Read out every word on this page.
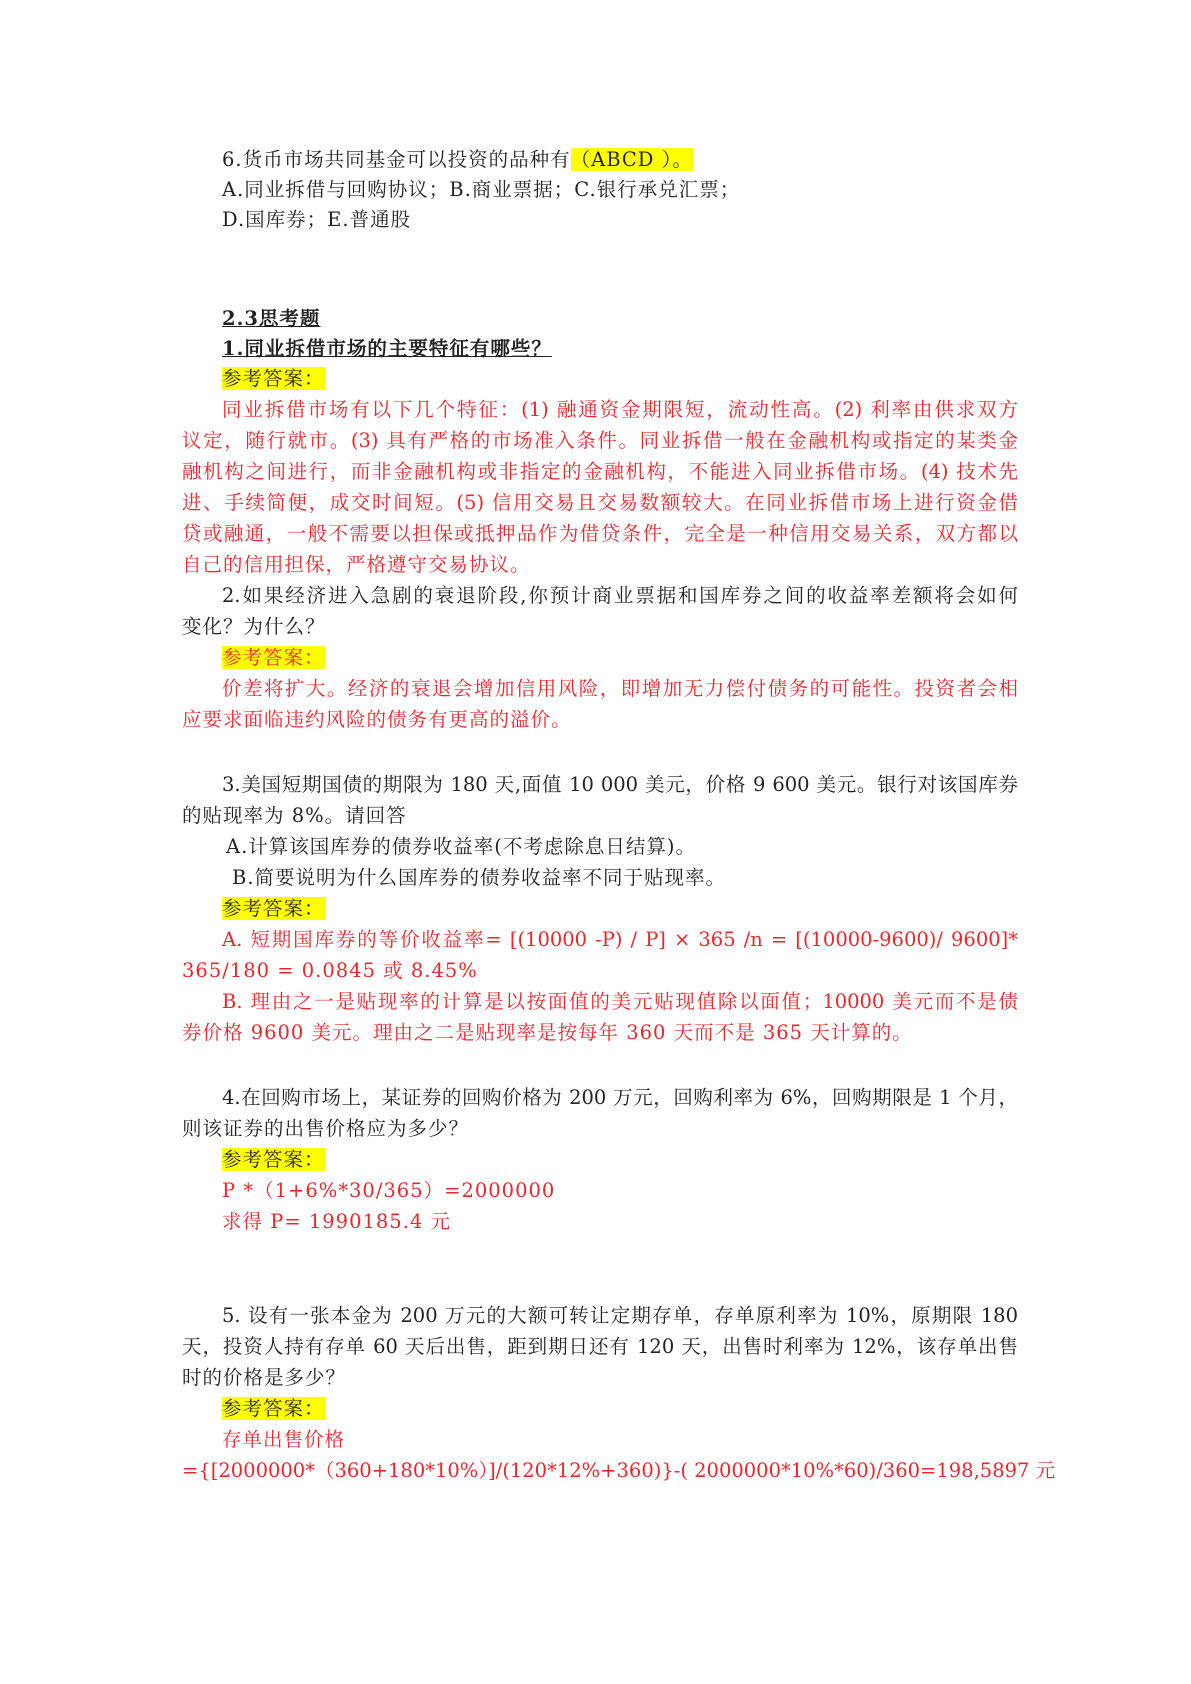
6.货币市场共同基金可以投资的品种有（ABCD ）。
A.同业拆借与回购协议；B.商业票据；C.银行承兑汇票；
D.国库券；E.普通股
2.3思考题
1.同业拆借市场的主要特征有哪些？
参考答案：
同业拆借市场有以下几个特征：(1) 融通资金期限短，流动性高。(2) 利率由供求双方
议定，随行就市。(3) 具有严格的市场准入条件。同业拆借一般在金融机构或指定的某类金
融机构之间进行，而非金融机构或非指定的金融机构，不能进入同业拆借市场。(4) 技术先
进、手续简便，成交时间短。(5) 信用交易且交易数额较大。在同业拆借市场上进行资金借
贷或融通，一般不需要以担保或抵押品作为借贷条件，完全是一种信用交易关系，双方都以
自己的信用担保，严格遵守交易协议。
2.如果经济进入急剧的衰退阶段,你预计商业票据和国库券之间的收益率差额将会如何
变化？为什么？
参考答案：
价差将扩大。经济的衰退会增加信用风险，即增加无力偿付债务的可能性。投资者会相
应要求面临违约风险的债务有更高的溢价。
3.美国短期国债的期限为 180 天,面值 10 000 美元，价格 9 600 美元。银行对该国库券
的贴现率为 8%。请回答
A.计算该国库券的债券收益率(不考虑除息日结算)。
B.简要说明为什么国库券的债券收益率不同于贴现率。
参考答案：
A. 短期国库券的等价收益率= [(10000 -P) / P] × 365 /n = [(10000-9600)/ 9600]*
365/180 = 0.0845 或 8.45%
B. 理由之一是贴现率的计算是以按面值的美元贴现值除以面值；10000 美元而不是债
券价格 9600 美元。理由之二是贴现率是按每年 360 天而不是 365 天计算的。
4.在回购市场上，某证券的回购价格为 200 万元，回购利率为 6%，回购期限是 1 个月，
则该证券的出售价格应为多少？
参考答案：
P *（1+6%*30/365）=2000000
求得 P= 1990185.4 元
5. 设有一张本金为 200 万元的大额可转让定期存单，存单原利率为 10%，原期限 180
天，投资人持有存单 60 天后出售，距到期日还有 120 天，出售时利率为 12%，该存单出售
时的价格是多少？
参考答案：
存单出售价格
={[2000000*（360+180*10%）]/(120*12%+360)}-( 2000000*10%*60)/360=198,5897 元
